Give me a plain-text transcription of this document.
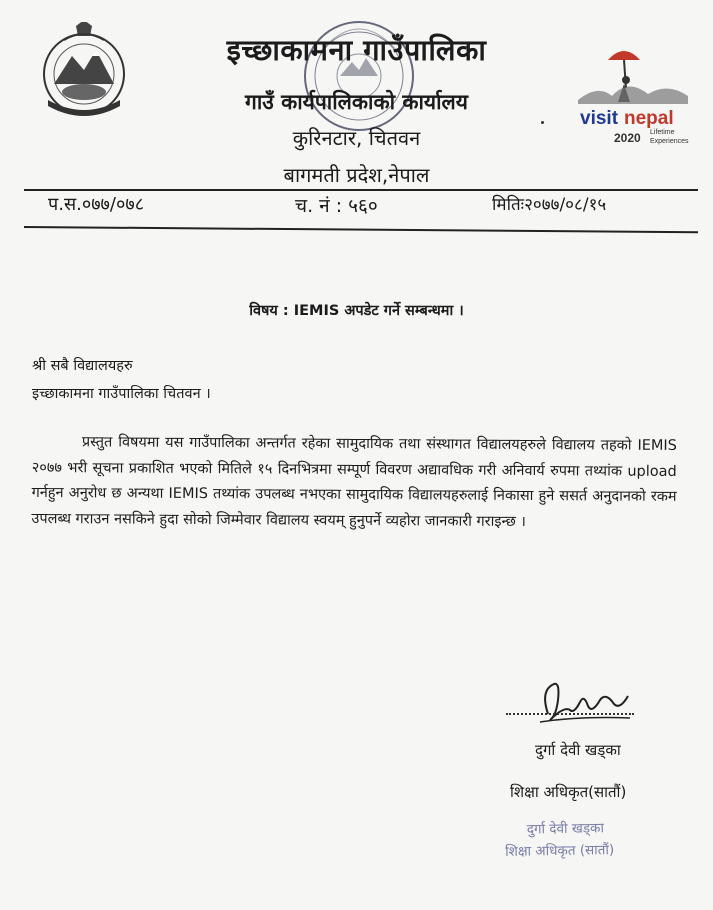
visit nepal
2020 Lifetime
Experiences
इच्छाकामना गाउँपालिका
गाउँ कार्यपालिकाको कार्यालय
कुरिनटार, चितवन
बागमती प्रदेश,नेपाल
प.स.०७७/०७८	च. नं : ५६०	मितिः२०७७/०८/१५
विषय : IEMIS अपडेट गर्ने सम्बन्धमा ।
श्री सबै विद्यालयहरु
इच्छाकामना गाउँपालिका चितवन ।
प्रस्तुत विषयमा यस गाउँपालिका अन्तर्गत रहेका सामुदायिक तथा संस्थागत विद्यालयहरुले विद्यालय तहको IEMIS २०७७ भरी सूचना प्रकाशित भएको मितिले १५ दिनभित्रमा सम्पूर्ण विवरण अद्यावधिक गरी अनिवार्य रुपमा तथ्यांक upload गर्नहुन अनुरोध छ अन्यथा IEMIS तथ्यांक उपलब्ध नभएका सामुदायिक विद्यालयहरुलाई निकासा हुने ससर्त अनुदानको रकम उपलब्ध गराउन नसकिने हुदा सोको जिम्मेवार विद्यालय स्वयम् हुनुपर्ने व्यहोरा जानकारी गराइन्छ ।
दुर्गा देवी खड्का
शिक्षा अधिकृत(सातौं)
दुर्गा देवी खड्का
शिक्षा अधिकृत (सातौं)
